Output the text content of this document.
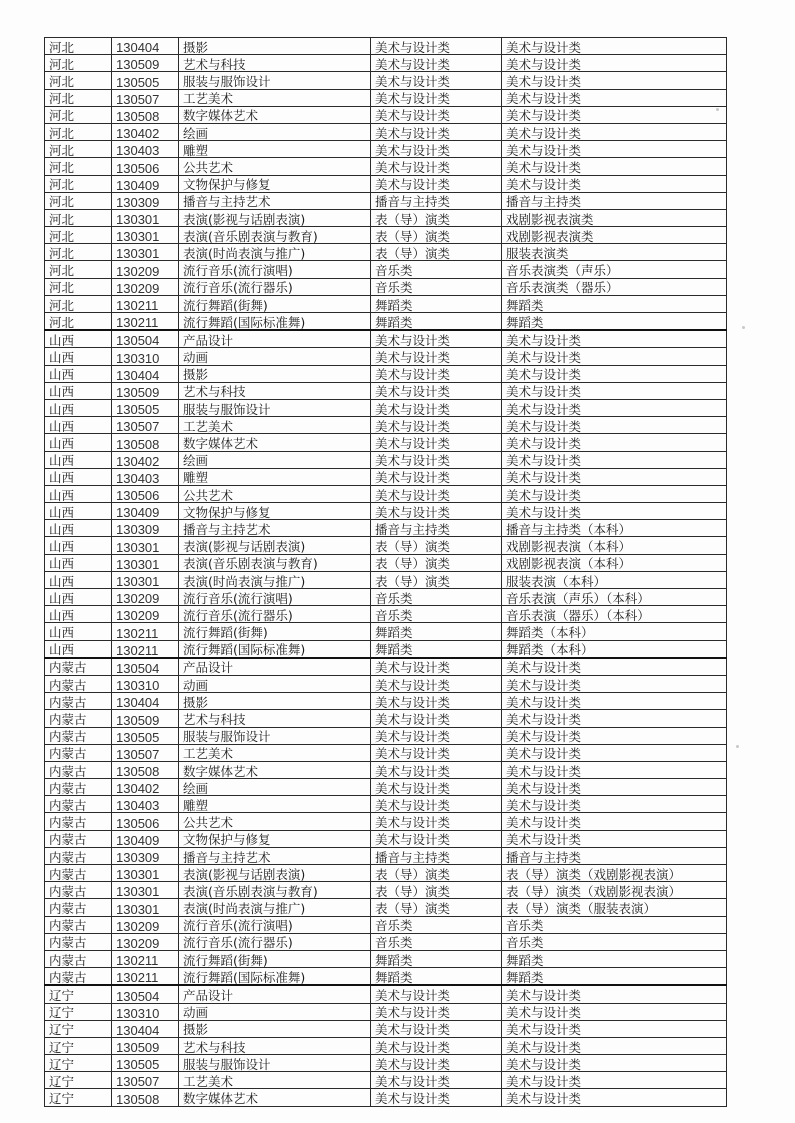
河北	130404	摄影	美术与设计类	美术与设计类
河北	130509	艺术与科技	美术与设计类	美术与设计类
河北	130505	服装与服饰设计	美术与设计类	美术与设计类
河北	130507	工艺美术	美术与设计类	美术与设计类
河北	130508	数字媒体艺术	美术与设计类	美术与设计类
河北	130402	绘画	美术与设计类	美术与设计类
河北	130403	雕塑	美术与设计类	美术与设计类
河北	130506	公共艺术	美术与设计类	美术与设计类
河北	130409	文物保护与修复	美术与设计类	美术与设计类
河北	130309	播音与主持艺术	播音与主持类	播音与主持类
河北	130301	表演(影视与话剧表演)	表（导）演类	戏剧影视表演类
河北	130301	表演(音乐剧表演与教育)	表（导）演类	戏剧影视表演类
河北	130301	表演(时尚表演与推广)	表（导）演类	服装表演类
河北	130209	流行音乐(流行演唱)	音乐类	音乐表演类（声乐）
河北	130209	流行音乐(流行器乐)	音乐类	音乐表演类（器乐）
河北	130211	流行舞蹈(街舞)	舞蹈类	舞蹈类
河北	130211	流行舞蹈(国际标准舞)	舞蹈类	舞蹈类
山西	130504	产品设计	美术与设计类	美术与设计类
山西	130310	动画	美术与设计类	美术与设计类
山西	130404	摄影	美术与设计类	美术与设计类
山西	130509	艺术与科技	美术与设计类	美术与设计类
山西	130505	服装与服饰设计	美术与设计类	美术与设计类
山西	130507	工艺美术	美术与设计类	美术与设计类
山西	130508	数字媒体艺术	美术与设计类	美术与设计类
山西	130402	绘画	美术与设计类	美术与设计类
山西	130403	雕塑	美术与设计类	美术与设计类
山西	130506	公共艺术	美术与设计类	美术与设计类
山西	130409	文物保护与修复	美术与设计类	美术与设计类
山西	130309	播音与主持艺术	播音与主持类	播音与主持类（本科）
山西	130301	表演(影视与话剧表演)	表（导）演类	戏剧影视表演（本科）
山西	130301	表演(音乐剧表演与教育)	表（导）演类	戏剧影视表演（本科）
山西	130301	表演(时尚表演与推广)	表（导）演类	服装表演（本科）
山西	130209	流行音乐(流行演唱)	音乐类	音乐表演（声乐）（本科）
山西	130209	流行音乐(流行器乐)	音乐类	音乐表演（器乐）（本科）
山西	130211	流行舞蹈(街舞)	舞蹈类	舞蹈类（本科）
山西	130211	流行舞蹈(国际标准舞)	舞蹈类	舞蹈类（本科）
内蒙古	130504	产品设计	美术与设计类	美术与设计类
内蒙古	130310	动画	美术与设计类	美术与设计类
内蒙古	130404	摄影	美术与设计类	美术与设计类
内蒙古	130509	艺术与科技	美术与设计类	美术与设计类
内蒙古	130505	服装与服饰设计	美术与设计类	美术与设计类
内蒙古	130507	工艺美术	美术与设计类	美术与设计类
内蒙古	130508	数字媒体艺术	美术与设计类	美术与设计类
内蒙古	130402	绘画	美术与设计类	美术与设计类
内蒙古	130403	雕塑	美术与设计类	美术与设计类
内蒙古	130506	公共艺术	美术与设计类	美术与设计类
内蒙古	130409	文物保护与修复	美术与设计类	美术与设计类
内蒙古	130309	播音与主持艺术	播音与主持类	播音与主持类
内蒙古	130301	表演(影视与话剧表演)	表（导）演类	表（导）演类（戏剧影视表演）
内蒙古	130301	表演(音乐剧表演与教育)	表（导）演类	表（导）演类（戏剧影视表演）
内蒙古	130301	表演(时尚表演与推广)	表（导）演类	表（导）演类（服装表演）
内蒙古	130209	流行音乐(流行演唱)	音乐类	音乐类
内蒙古	130209	流行音乐(流行器乐)	音乐类	音乐类
内蒙古	130211	流行舞蹈(街舞)	舞蹈类	舞蹈类
内蒙古	130211	流行舞蹈(国际标准舞)	舞蹈类	舞蹈类
辽宁	130504	产品设计	美术与设计类	美术与设计类
辽宁	130310	动画	美术与设计类	美术与设计类
辽宁	130404	摄影	美术与设计类	美术与设计类
辽宁	130509	艺术与科技	美术与设计类	美术与设计类
辽宁	130505	服装与服饰设计	美术与设计类	美术与设计类
辽宁	130507	工艺美术	美术与设计类	美术与设计类
辽宁	130508	数字媒体艺术	美术与设计类	美术与设计类
